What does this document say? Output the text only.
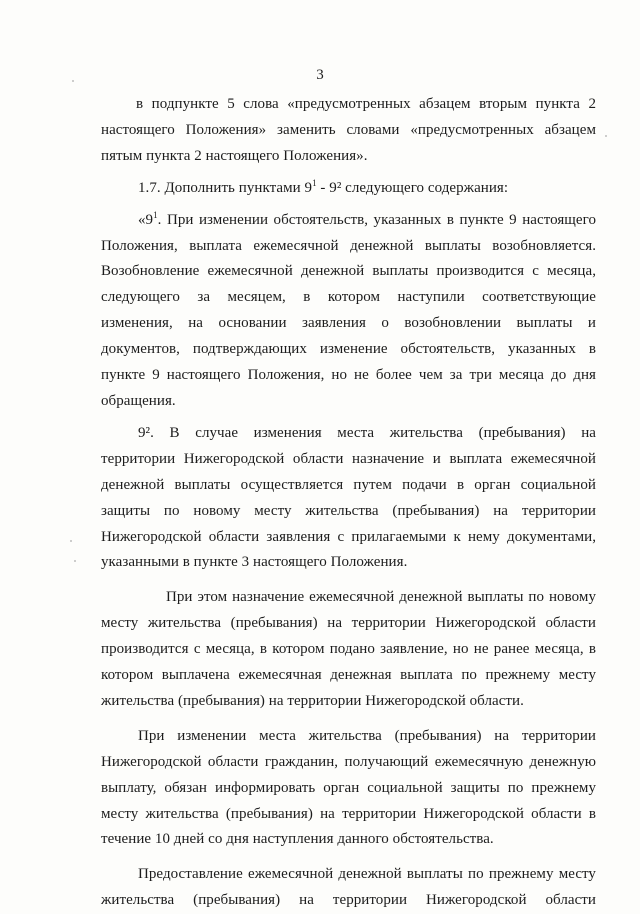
3

в подпункте 5 слова «предусмотренных абзацем вторым пункта 2
настоящего Положения» заменить словами «предусмотренных абзацем
пятым пункта 2 настоящего Положения».

1.7. Дополнить пунктами $9^1 - 9^2$ следующего содержания:

«$9^1$. При изменении обстоятельств, указанных в пункте 9 настоящего
Положения, выплата ежемесячной денежной выплаты возобновляется.
Возобновление ежемесячной денежной выплаты производится с месяца,
следующего за месяцем, в котором наступили соответствующие
изменения, на основании заявления о возобновлении выплаты и
документов, подтверждающих изменение обстоятельств, указанных в
пункте 9 настоящего Положения, но не более чем за три месяца до дня
обращения.

9². В случае изменения места жительства (пребывания) на
территории Нижегородской области назначение и выплата ежемесячной
денежной выплаты осуществляется путем подачи в орган социальной
защиты по новому месту жительства (пребывания) на территории
Нижегородской области заявления с прилагаемыми к нему документами,
указанными в пункте 3 настоящего Положения.

При этом назначение ежемесячной денежной выплаты по новому
месту жительства (пребывания) на территории Нижегородской области
производится с месяца, в котором подано заявление, но не ранее месяца, в
котором выплачена ежемесячная денежная выплата по прежнему месту
жительства (пребывания) на территории Нижегородской области.

При изменении места жительства (пребывания) на территории
Нижегородской области гражданин, получающий ежемесячную денежную
выплату, обязан информировать орган социальной защиты по прежнему
месту жительства (пребывания) на территории Нижегородской области в
течение 10 дней со дня наступления данного обстоятельства.

Предоставление ежемесячной денежной выплаты по прежнему месту
жительства (пребывания) на территории Нижегородской области
